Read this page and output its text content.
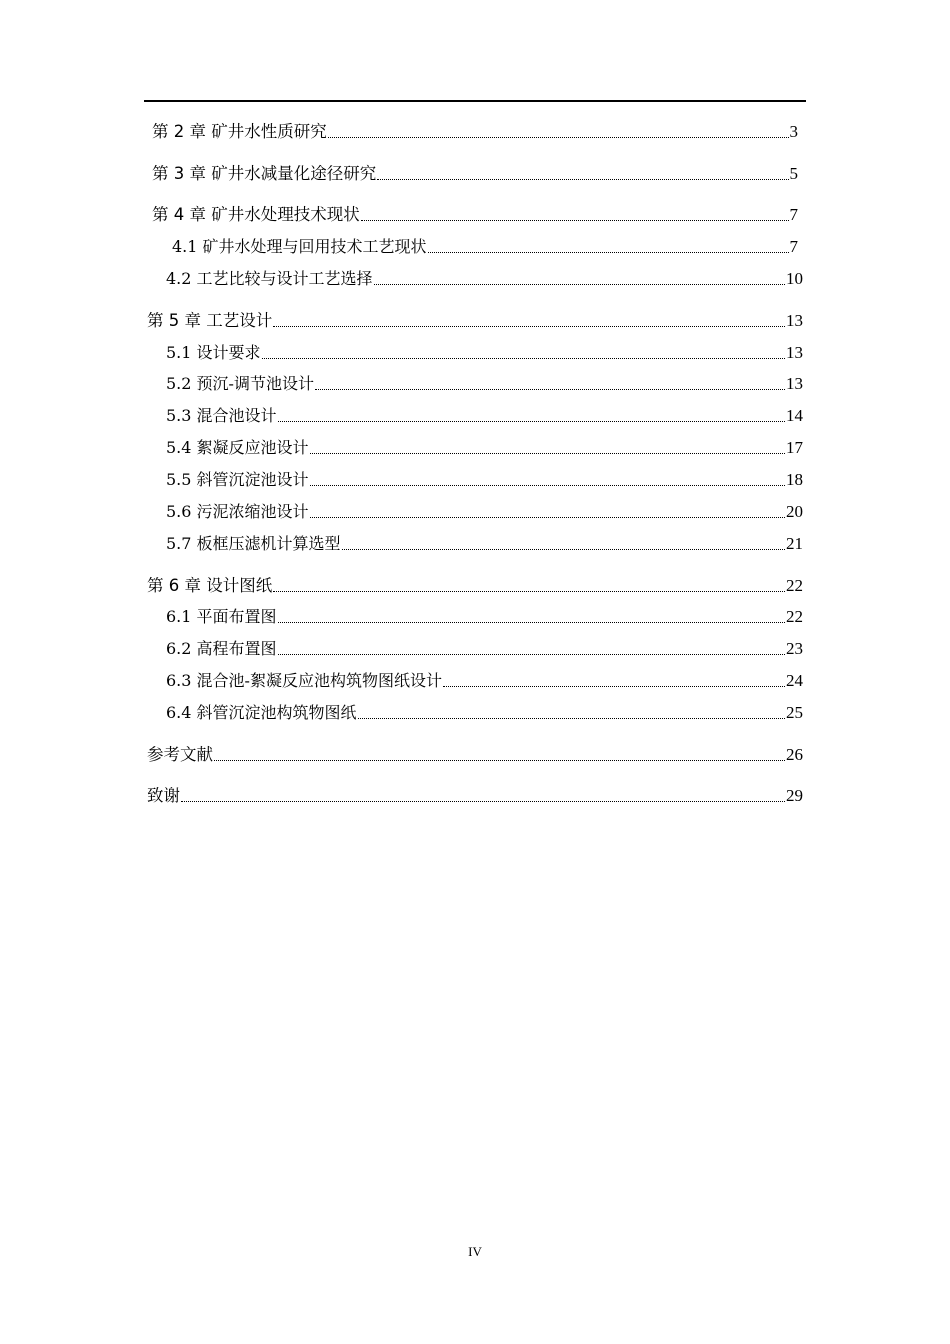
第 2 章 矿井水性质研究	3
第 3 章 矿井水减量化途径研究	5
第 4 章 矿井水处理技术现状	7
4.1 矿井水处理与回用技术工艺现状	7
4.2 工艺比较与设计工艺选择	10
第 5 章 工艺设计	13
5.1 设计要求	13
5.2 预沉-调节池设计	13
5.3 混合池设计	14
5.4 絮凝反应池设计	17
5.5 斜管沉淀池设计	18
5.6 污泥浓缩池设计	20
5.7 板框压滤机计算选型	21
第 6 章 设计图纸	22
6.1 平面布置图	22
6.2 高程布置图	23
6.3 混合池-絮凝反应池构筑物图纸设计	24
6.4 斜管沉淀池构筑物图纸	25
参考文献	26
致谢	29
IV
